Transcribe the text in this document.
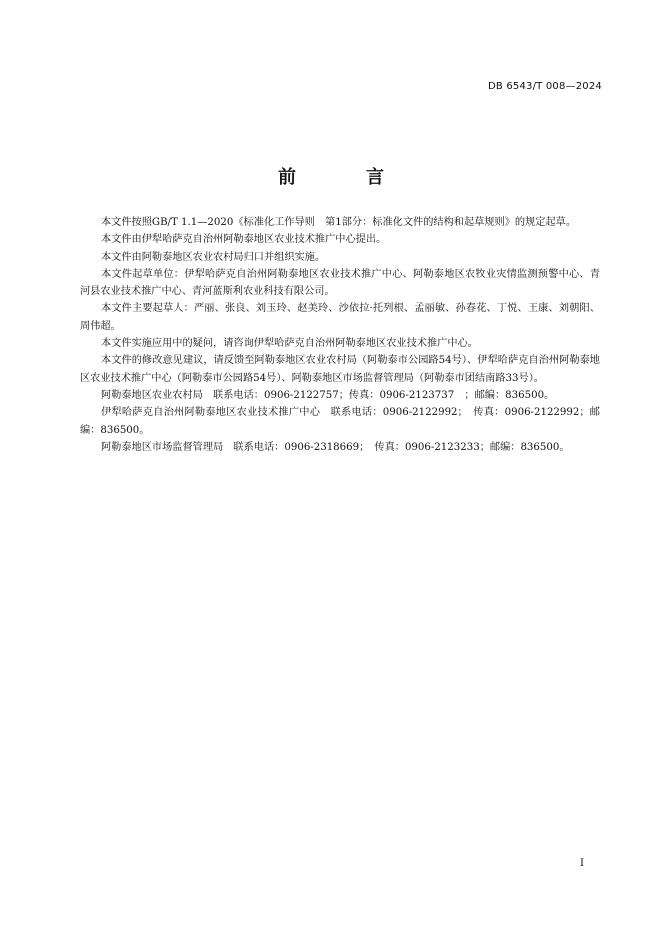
DB 6543/T 008—2024
前　言

本文件按照GB/T 1.1—2020《标准化工作导则　第1部分：标准化文件的结构和起草规则》的规定起草。

本文件由伊犁哈萨克自治州阿勒泰地区农业技术推广中心提出。

本文件由阿勒泰地区农业农村局归口并组织实施。

本文件起草单位：伊犁哈萨克自治州阿勒泰地区农业技术推广中心、阿勒泰地区农牧业灾情监测预警中心、青河县农业技术推广中心、青河蓝斯利农业科技有限公司。

本文件主要起草人：严丽、张良、刘玉玲、赵美玲、沙依拉·托列根、孟丽敏、孙春花、丁悦、王康、刘朝阳、周伟超。

本文件实施应用中的疑问，请咨询伊犁哈萨克自治州阿勒泰地区农业技术推广中心。

本文件的修改意见建议，请反馈至阿勒泰地区农业农村局（阿勒泰市公园路54号）、伊犁哈萨克自治州阿勒泰地区农业技术推广中心（阿勒泰市公园路54号）、阿勒泰地区市场监督管理局（阿勒泰市团结南路33号）。

阿勒泰地区农业农村局　联系电话：0906-2122757；传真：0906-2123737　；邮编：836500。

伊犁哈萨克自治州阿勒泰地区农业技术推广中心　联系电话：0906-2122992；　传真：0906-2122992；邮编：836500。

阿勒泰地区市场监督管理局　联系电话：0906-2318669；　传真：0906-2123233；邮编：836500。

I
